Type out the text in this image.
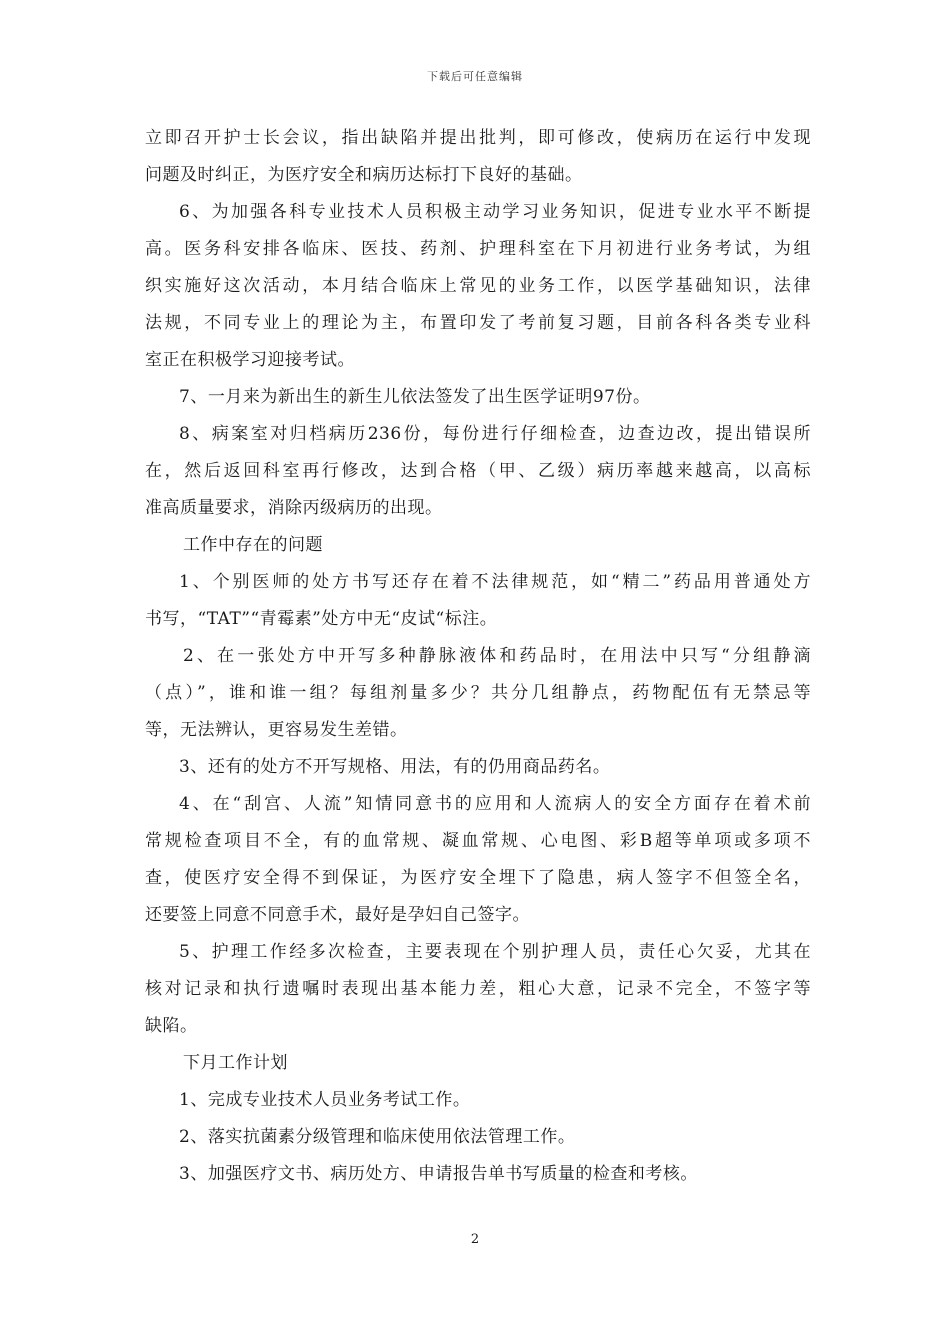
下载后可任意编辑
立即召开护士长会议，指出缺陷并提出批判，即可修改，使病历在运行中发现
问题及时纠正，为医疗安全和病历达标打下良好的基础。
6、为加强各科专业技术人员积极主动学习业务知识，促进专业水平不断提
高。医务科安排各临床、医技、药剂、护理科室在下月初进行业务考试，为组
织实施好这次活动，本月结合临床上常见的业务工作，以医学基础知识，法律
法规，不同专业上的理论为主，布置印发了考前复习题，目前各科各类专业科
室正在积极学习迎接考试。
7、一月来为新出生的新生儿依法签发了出生医学证明97份。
8、病案室对归档病历236份，每份进行仔细检查，边查边改，提出错误所
在，然后返回科室再行修改，达到合格（甲、乙级）病历率越来越高，以高标
准高质量要求，消除丙级病历的出现。
工作中存在的问题
1、个别医师的处方书写还存在着不法律规范，如“精二”药品用普通处方
书写，“TAT”“青霉素”处方中无“皮试“标注。
2、在一张处方中开写多种静脉液体和药品时，在用法中只写“分组静滴
（点）”，谁和谁一组？每组剂量多少？共分几组静点，药物配伍有无禁忌等
等，无法辨认，更容易发生差错。
3、还有的处方不开写规格、用法，有的仍用商品药名。
4、在“刮宫、人流”知情同意书的应用和人流病人的安全方面存在着术前
常规检查项目不全，有的血常规、凝血常规、心电图、彩B超等单项或多项不
查，使医疗安全得不到保证，为医疗安全埋下了隐患，病人签字不但签全名，
还要签上同意不同意手术，最好是孕妇自己签字。
5、护理工作经多次检查，主要表现在个别护理人员，责任心欠妥，尤其在
核对记录和执行遗嘱时表现出基本能力差，粗心大意，记录不完全，不签字等
缺陷。
下月工作计划
1、完成专业技术人员业务考试工作。
2、落实抗菌素分级管理和临床使用依法管理工作。
3、加强医疗文书、病历处方、申请报告单书写质量的检查和考核。
2
